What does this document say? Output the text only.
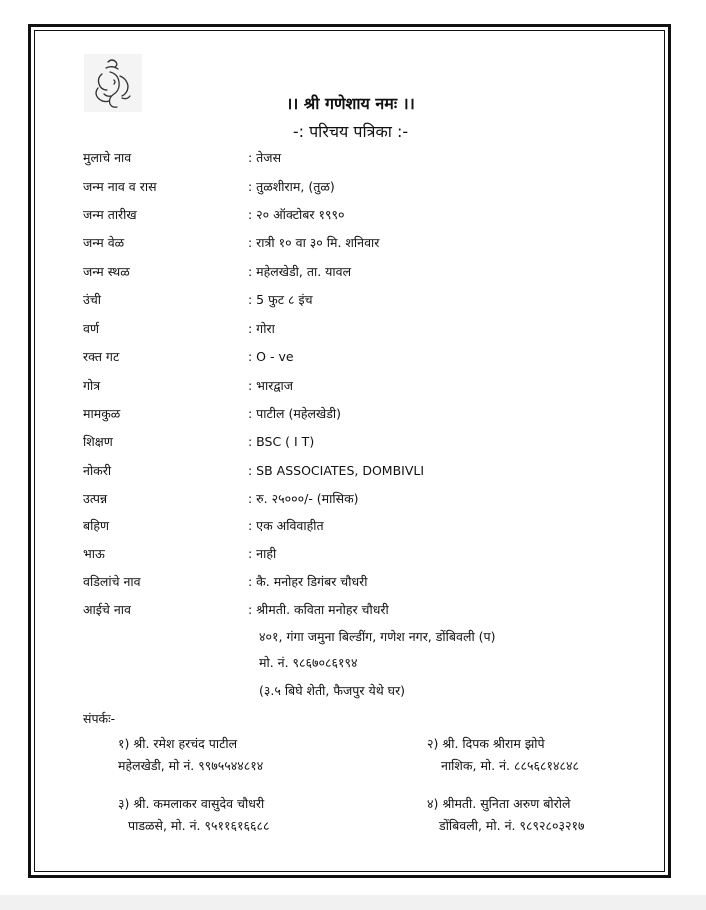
।। श्री गणेशाय नमः ।।
-: परिचय पत्रिका :-
मुलाचे नाव	: तेजस
जन्म नाव व रास	: तुळशीराम, (तुळ)
जन्म तारीख	: २० ऑक्टोबर १९९०
जन्म वेळ	: रात्री १० वा ३० मि. शनिवार
जन्म स्थळ	: महेलखेडी, ता. यावल
उंची	: 5 फुट ८ इंच
वर्ण	: गोरा
रक्त गट	: O - ve
गोत्र	: भारद्वाज
मामकुळ	: पाटील (महेलखेडी)
शिक्षण	: BSC ( I T)
नोकरी	: SB ASSOCIATES, DOMBIVLI
उत्पन्न	: रु. २५०००/- (मासिक)
बहिण	: एक अविवाहीत
भाऊ	: नाही
वडिलांचे नाव	: कै. मनोहर डिगंबर चौधरी
आईचे नाव	: श्रीमती. कविता मनोहर चौधरी
४०१, गंगा जमुना बिल्डींग, गणेश नगर, डोंबिवली (प)
मो. नं. ९८६७०८६१९४
(३.५ बिघे शेती, फैजपुर येथे घर)
संपर्कः-
१) श्री. रमेश हरचंद पाटील
महेलखेडी, मो नं. ९९७५५४४८१४
२) श्री. दिपक श्रीराम झोपे
नाशिक, मो. नं. ८८५६८१४८४८
३) श्री. कमलाकर वासुदेव चौधरी
पाडळसे, मो. नं. ९५११६१६६८८
४) श्रीमती. सुनिता अरुण बोरोले
डोंबिवली, मो. नं. ९८९२८०३२१७
